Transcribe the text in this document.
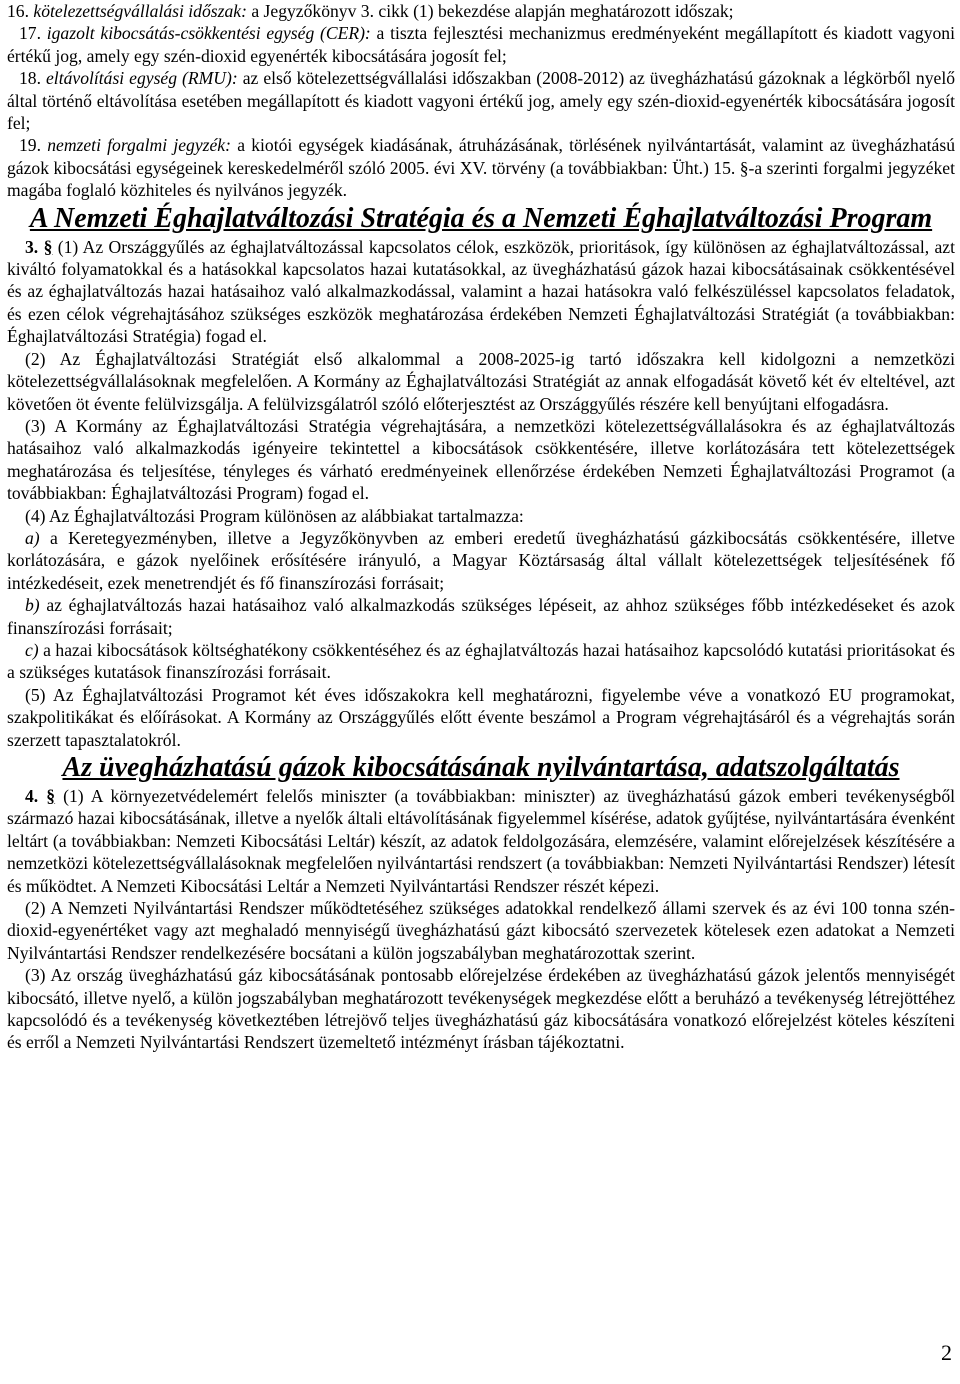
16. kötelezettségvállalási időszak: a Jegyzőkönyv 3. cikk (1) bekezdése alapján meghatározott időszak;

17. igazolt kibocsátás-csökkentési egység (CER): a tiszta fejlesztési mechanizmus eredményeként megállapított és kiadott vagyoni értékű jog, amely egy szén-dioxid egyenérték kibocsátására jogosít fel;

18. eltávolítási egység (RMU): az első kötelezettségvállalási időszakban (2008-2012) az üvegházhatású gázoknak a légkörből nyelő által történő eltávolítása esetében megállapított és kiadott vagyoni értékű jog, amely egy szén-dioxid-egyenérték kibocsátására jogosít fel;

19. nemzeti forgalmi jegyzék: a kiotói egységek kiadásának, átruházásának, törlésének nyilvántartását, valamint az üvegházhatású gázok kibocsátási egységeinek kereskedelméről szóló 2005. évi XV. törvény (a továbbiakban: Üht.) 15. §-a szerinti forgalmi jegyzéket magába foglaló közhiteles és nyilvános jegyzék.

A Nemzeti Éghajlatváltozási Stratégia és a Nemzeti Éghajlatváltozási Program

3. § (1) Az Országgyűlés az éghajlatváltozással kapcsolatos célok, eszközök, prioritások, így különösen az éghajlatváltozással, azt kiváltó folyamatokkal és a hatásokkal kapcsolatos hazai kutatásokkal, az üvegházhatású gázok hazai kibocsátásainak csökkentésével és az éghajlatváltozás hazai hatásaihoz való alkalmazkodással, valamint a hazai hatásokra való felkészüléssel kapcsolatos feladatok, és ezen célok végrehajtásához szükséges eszközök meghatározása érdekében Nemzeti Éghajlatváltozási Stratégiát (a továbbiakban: Éghajlatváltozási Stratégia) fogad el.

(2) Az Éghajlatváltozási Stratégiát első alkalommal a 2008-2025-ig tartó időszakra kell kidolgozni a nemzetközi kötelezettségvállalásoknak megfelelően. A Kormány az Éghajlatváltozási Stratégiát az annak elfogadását követő két év elteltével, azt követően öt évente felülvizsgálja. A felülvizsgálatról szóló előterjesztést az Országgyűlés részére kell benyújtani elfogadásra.

(3) A Kormány az Éghajlatváltozási Stratégia végrehajtására, a nemzetközi kötelezettségvállalásokra és az éghajlatváltozás hatásaihoz való alkalmazkodás igényeire tekintettel a kibocsátások csökkentésére, illetve korlátozására tett kötelezettségek meghatározása és teljesítése, tényleges és várható eredményeinek ellenőrzése érdekében Nemzeti Éghajlatváltozási Programot (a továbbiakban: Éghajlatváltozási Program) fogad el.

(4) Az Éghajlatváltozási Program különösen az alábbiakat tartalmazza:

a) a Keretegyezményben, illetve a Jegyzőkönyvben az emberi eredetű üvegházhatású gázkibocsátás csökkentésére, illetve korlátozására, e gázok nyelőinek erősítésére irányuló, a Magyar Köztársaság által vállalt kötelezettségek teljesítésének fő intézkedéseit, ezek menetrendjét és fő finanszírozási forrásait;

b) az éghajlatváltozás hazai hatásaihoz való alkalmazkodás szükséges lépéseit, az ahhoz szükséges főbb intézkedéseket és azok finanszírozási forrásait;

c) a hazai kibocsátások költséghatékony csökkentéséhez és az éghajlatváltozás hazai hatásaihoz kapcsolódó kutatási prioritásokat és a szükséges kutatások finanszírozási forrásait.

(5) Az Éghajlatváltozási Programot két éves időszakokra kell meghatározni, figyelembe véve a vonatkozó EU programokat, szakpolitikákat és előírásokat. A Kormány az Országgyűlés előtt évente beszámol a Program végrehajtásáról és a végrehajtás során szerzett tapasztalatokról.

Az üvegházhatású gázok kibocsátásának nyilvántartása, adatszolgáltatás

4. § (1) A környezetvédelemért felelős miniszter (a továbbiakban: miniszter) az üvegházhatású gázok emberi tevékenységből származó hazai kibocsátásának, illetve a nyelők általi eltávolításának figyelemmel kísérése, adatok gyűjtése, nyilvántartására évenként leltárt (a továbbiakban: Nemzeti Kibocsátási Leltár) készít, az adatok feldolgozására, elemzésére, valamint előrejelzések készítésére a nemzetközi kötelezettségvállalásoknak megfelelően nyilvántartási rendszert (a továbbiakban: Nemzeti Nyilvántartási Rendszer) létesít és működtet. A Nemzeti Kibocsátási Leltár a Nemzeti Nyilvántartási Rendszer részét képezi.

(2) A Nemzeti Nyilvántartási Rendszer működtetéséhez szükséges adatokkal rendelkező állami szervek és az évi 100 tonna szén-dioxid-egyenértéket vagy azt meghaladó mennyiségű üvegházhatású gázt kibocsátó szervezetek kötelesek ezen adatokat a Nemzeti Nyilvántartási Rendszer rendelkezésére bocsátani a külön jogszabályban meghatározottak szerint.

(3) Az ország üvegházhatású gáz kibocsátásának pontosabb előrejelzése érdekében az üvegházhatású gázok jelentős mennyiségét kibocsátó, illetve nyelő, a külön jogszabályban meghatározott tevékenységek megkezdése előtt a beruházó a tevékenység létrejöttéhez kapcsolódó és a tevékenység következtében létrejövő teljes üvegházhatású gáz kibocsátására vonatkozó előrejelzést köteles készíteni és erről a Nemzeti Nyilvántartási Rendszert üzemeltető intézményt írásban tájékoztatni.

2
